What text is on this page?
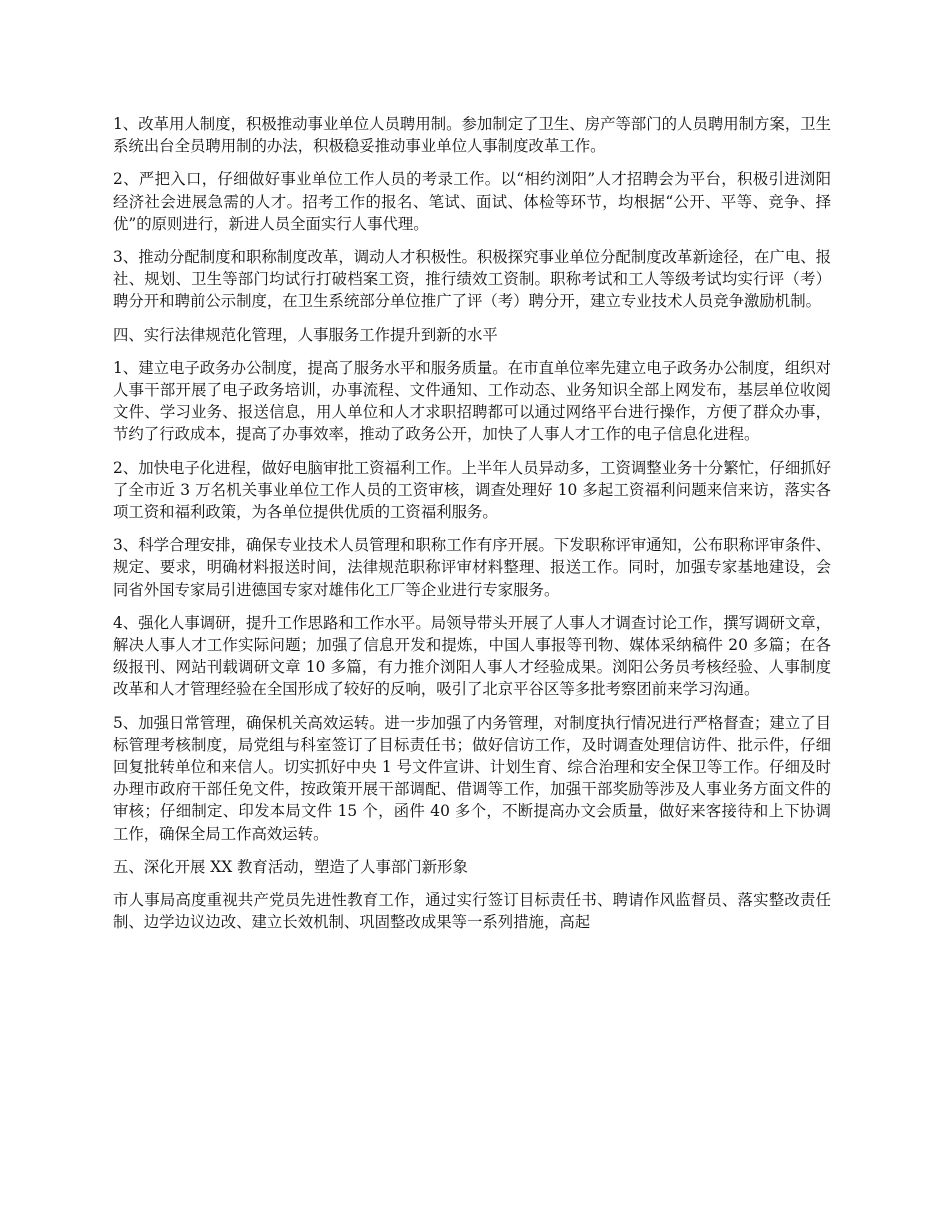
1、改革用人制度，积极推动事业单位人员聘用制。参加制定了卫生、房产等部门的人员聘用制方案，卫生系统出台全员聘用制的办法，积极稳妥推动事业单位人事制度改革工作。

2、严把入口，仔细做好事业单位工作人员的考录工作。以“相约浏阳”人才招聘会为平台，积极引进浏阳经济社会进展急需的人才。招考工作的报名、笔试、面试、体检等环节，均根据“公开、平等、竞争、择优”的原则进行，新进人员全面实行人事代理。

3、推动分配制度和职称制度改革，调动人才积极性。积极探究事业单位分配制度改革新途径，在广电、报社、规划、卫生等部门均试行打破档案工资，推行绩效工资制。职称考试和工人等级考试均实行评（考）聘分开和聘前公示制度，在卫生系统部分单位推广了评（考）聘分开，建立专业技术人员竞争激励机制。

四、实行法律规范化管理，人事服务工作提升到新的水平

1、建立电子政务办公制度，提高了服务水平和服务质量。在市直单位率先建立电子政务办公制度，组织对人事干部开展了电子政务培训，办事流程、文件通知、工作动态、业务知识全部上网发布，基层单位收阅文件、学习业务、报送信息，用人单位和人才求职招聘都可以通过网络平台进行操作，方便了群众办事，节约了行政成本，提高了办事效率，推动了政务公开，加快了人事人才工作的电子信息化进程。

2、加快电子化进程，做好电脑审批工资福利工作。上半年人员异动多，工资调整业务十分繁忙，仔细抓好了全市近 3 万名机关事业单位工作人员的工资审核，调查处理好 10 多起工资福利问题来信来访，落实各项工资和福利政策，为各单位提供优质的工资福利服务。

3、科学合理安排，确保专业技术人员管理和职称工作有序开展。下发职称评审通知，公布职称评审条件、规定、要求，明确材料报送时间，法律规范职称评审材料整理、报送工作。同时，加强专家基地建设，会同省外国专家局引进德国专家对雄伟化工厂等企业进行专家服务。

4、强化人事调研，提升工作思路和工作水平。局领导带头开展了人事人才调查讨论工作，撰写调研文章，解决人事人才工作实际问题；加强了信息开发和提炼，中国人事报等刊物、媒体采纳稿件 20 多篇；在各级报刊、网站刊载调研文章 10 多篇，有力推介浏阳人事人才经验成果。浏阳公务员考核经验、人事制度改革和人才管理经验在全国形成了较好的反响，吸引了北京平谷区等多批考察团前来学习沟通。

5、加强日常管理，确保机关高效运转。进一步加强了内务管理，对制度执行情况进行严格督查；建立了目标管理考核制度，局党组与科室签订了目标责任书；做好信访工作，及时调查处理信访件、批示件，仔细回复批转单位和来信人。切实抓好中央 1 号文件宣讲、计划生育、综合治理和安全保卫等工作。仔细及时办理市政府干部任免文件，按政策开展干部调配、借调等工作，加强干部奖励等涉及人事业务方面文件的审核；仔细制定、印发本局文件 15 个，函件 40 多个，不断提高办文会质量，做好来客接待和上下协调工作，确保全局工作高效运转。

五、深化开展 XX 教育活动，塑造了人事部门新形象

市人事局高度重视共产党员先进性教育工作，通过实行签订目标责任书、聘请作风监督员、落实整改责任制、边学边议边改、建立长效机制、巩固整改成果等一系列措施，高起
